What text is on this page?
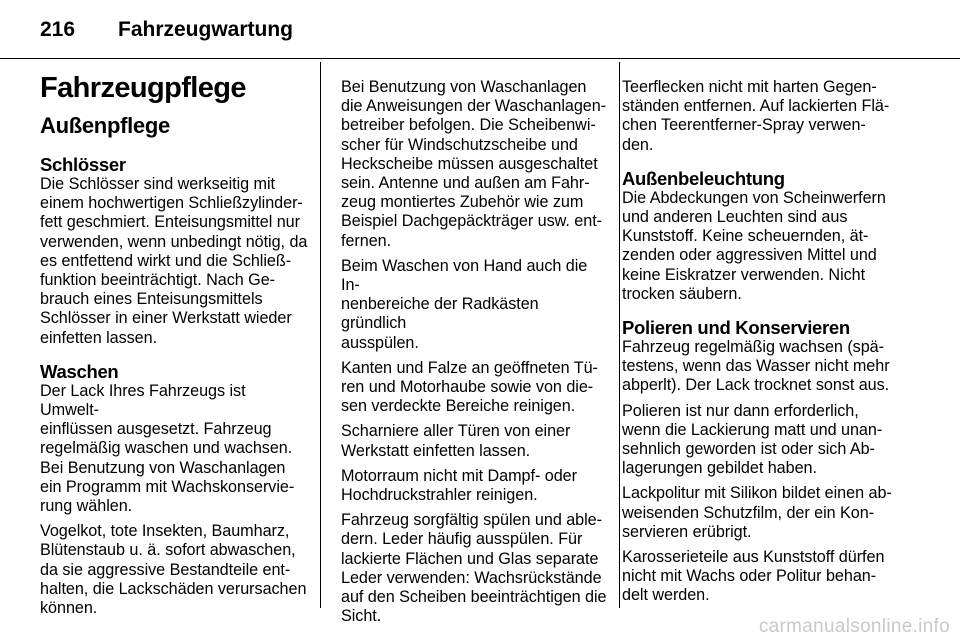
216	Fahrzeugwartung
Fahrzeugpflege
Außenpflege
Schlösser
Die Schlösser sind werkseitig mit
einem hochwertigen Schließzylinder-
fett geschmiert. Enteisungsmittel nur
verwenden, wenn unbedingt nötig, da
es entfettend wirkt und die Schließ-
funktion beeinträchtigt. Nach Ge-
brauch eines Enteisungsmittels
Schlösser in einer Werkstatt wieder
einfetten lassen.
Waschen
Der Lack Ihres Fahrzeugs ist Umwelt-
einflüssen ausgesetzt. Fahrzeug
regelmäßig waschen und wachsen.
Bei Benutzung von Waschanlagen
ein Programm mit Wachskonservie-
rung wählen.
Vogelkot, tote Insekten, Baumharz,
Blütenstaub u. ä. sofort abwaschen,
da sie aggressive Bestandteile ent-
halten, die Lackschäden verursachen
können.
Bei Benutzung von Waschanlagen
die Anweisungen der Waschanlagen-
betreiber befolgen. Die Scheibenwi-
scher für Windschutzscheibe und
Heckscheibe müssen ausgeschaltet
sein. Antenne und außen am Fahr-
zeug montiertes Zubehör wie zum
Beispiel Dachgepäckträger usw. ent-
fernen.
Beim Waschen von Hand auch die In-
nenbereiche der Radkästen gründlich
ausspülen.
Kanten und Falze an geöffneten Tü-
ren und Motorhaube sowie von die-
sen verdeckte Bereiche reinigen.
Scharniere aller Türen von einer
Werkstatt einfetten lassen.
Motorraum nicht mit Dampf- oder
Hochdruckstrahler reinigen.
Fahrzeug sorgfältig spülen und able-
dern. Leder häufig ausspülen. Für
lackierte Flächen und Glas separate
Leder verwenden: Wachsrückstände
auf den Scheiben beeinträchtigen die
Sicht.
Teerflecken nicht mit harten Gegen-
ständen entfernen. Auf lackierten Flä-
chen Teerentferner-Spray verwen-
den.
Außenbeleuchtung
Die Abdeckungen von Scheinwerfern
und anderen Leuchten sind aus
Kunststoff. Keine scheuernden, ät-
zenden oder aggressiven Mittel und
keine Eiskratzer verwenden. Nicht
trocken säubern.
Polieren und Konservieren
Fahrzeug regelmäßig wachsen (spä-
testens, wenn das Wasser nicht mehr
abperlt). Der Lack trocknet sonst aus.
Polieren ist nur dann erforderlich,
wenn die Lackierung matt und unan-
sehnlich geworden ist oder sich Ab-
lagerungen gebildet haben.
Lackpolitur mit Silikon bildet einen ab-
weisenden Schutzfilm, der ein Kon-
servieren erübrigt.
Karosserieteile aus Kunststoff dürfen
nicht mit Wachs oder Politur behan-
delt werden.
carmanualsonline.info
